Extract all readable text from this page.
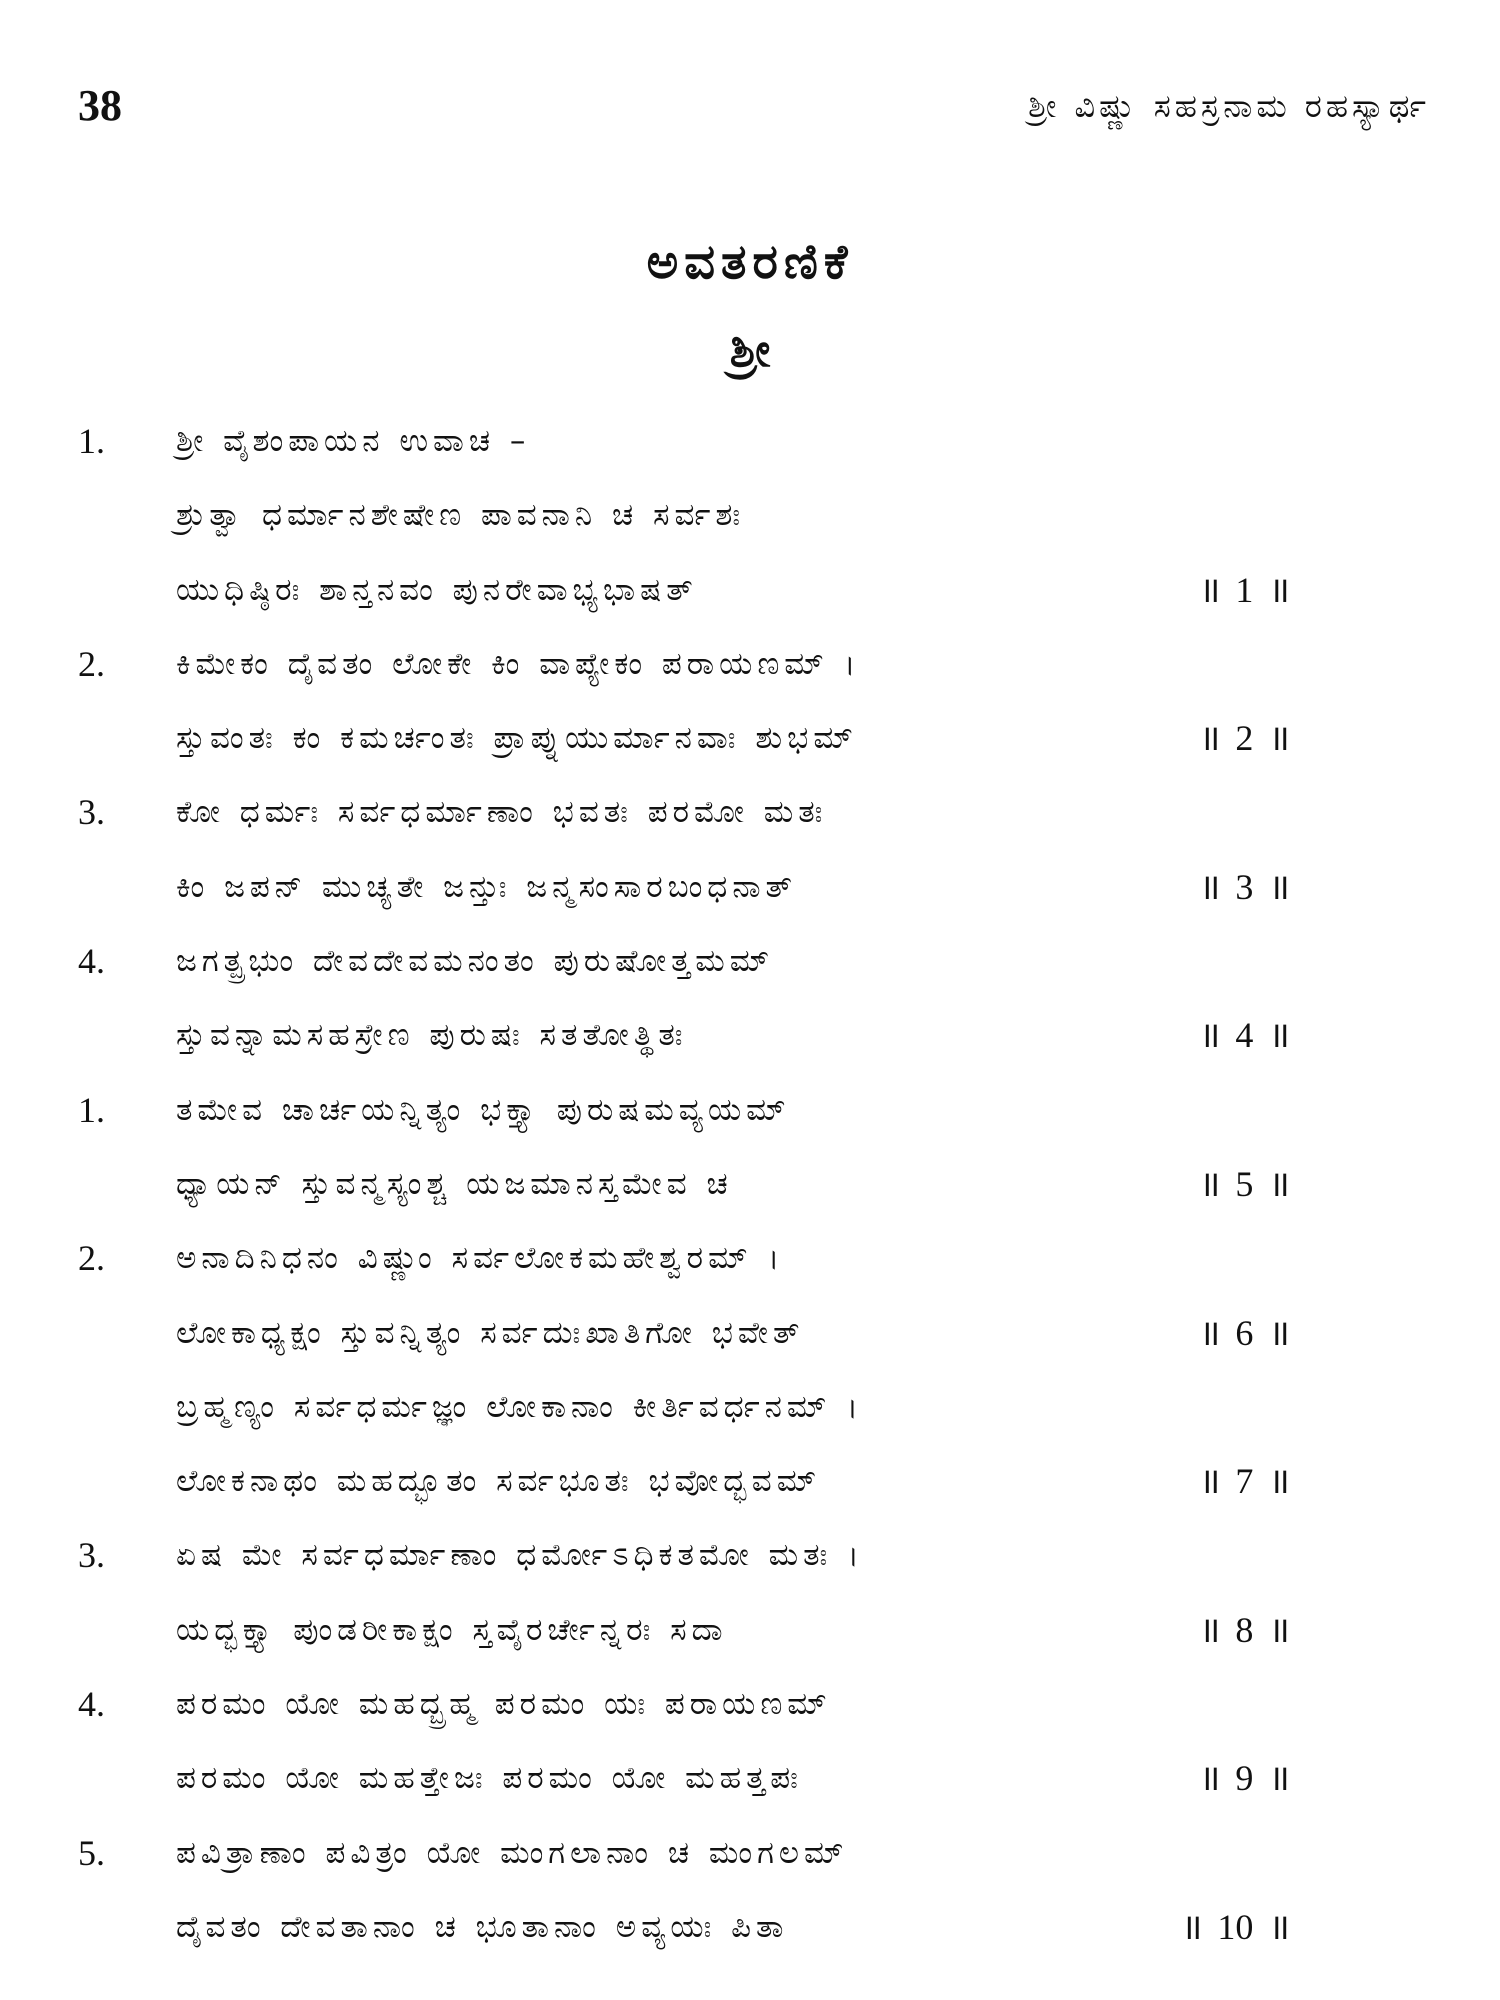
38	ಶ್ರೀ ವಿಷ್ಣು ಸಹಸ್ರನಾಮ ರಹಸ್ಯಾರ್ಥ
ಅವತರಣಿಕೆ
ಶ್ರೀ
1. ಶ್ರೀ ವೈಶಂಪಾಯನ ಉವಾಚ –
ಶ್ರುತ್ವಾ ಧರ್ಮಾನಶೇಷೇಣ ಪಾವನಾನಿ ಚ ಸರ್ವಶಃ
ಯುಧಿಷ್ಠಿರಃ ಶಾನ್ತನವಂ ಪುನರೇವಾಭ್ಯಭಾಷತ್	॥ 1 ॥
2. ಕಿಮೇಕಂ ದೈವತಂ ಲೋಕೇ ಕಿಂ ವಾಪ್ಯೇಕಂ ಪರಾಯಣಮ್ ।
ಸ್ತುವಂತಃ ಕಂ ಕಮರ್ಚಂತಃ ಪ್ರಾಪ್ನುಯುರ್ಮಾನವಾಃ ಶುಭಮ್	॥ 2 ॥
3. ಕೋ ಧರ್ಮಃ ಸರ್ವಧರ್ಮಾಣಾಂ ಭವತಃ ಪರಮೋ ಮತಃ
ಕಿಂ ಜಪನ್ ಮುಚ್ಯತೇ ಜನ್ತುಃ ಜನ್ಮಸಂಸಾರಬಂಧನಾತ್	॥ 3 ॥
4. ಜಗತ್ಪ್ರಭುಂ ದೇವದೇವಮನಂತಂ ಪುರುಷೋತ್ತಮಮ್
ಸ್ತುವನ್ನಾಮಸಹಸ್ರೇಣ ಪುರುಷಃ ಸತತೋತ್ಥಿತಃ	॥ 4 ॥
1. ತಮೇವ ಚಾರ್ಚಯನ್ನಿತ್ಯಂ ಭಕ್ತ್ಯಾ ಪುರುಷಮವ್ಯಯಮ್
ಧ್ಯಾಯನ್ ಸ್ತುವನ್ಮಸ್ಯಂಶ್ಚ ಯಜಮಾನಸ್ತಮೇವ ಚ	॥ 5 ॥
2. ಅನಾದಿನಿಧನಂ ವಿಷ್ಣುಂ ಸರ್ವಲೋಕಮಹೇಶ್ವರಮ್ ।
ಲೋಕಾಧ್ಯಕ್ಷಂ ಸ್ತುವನ್ನಿತ್ಯಂ ಸರ್ವದುಃಖಾತಿಗೋ ಭವೇತ್	॥ 6 ॥
ಬ್ರಹ್ಮಣ್ಯಂ ಸರ್ವಧರ್ಮಜ್ಞಂ ಲೋಕಾನಾಂ ಕೀರ್ತಿವರ್ಧನಮ್ ।
ಲೋಕನಾಥಂ ಮಹದ್ಭೂತಂ ಸರ್ವಭೂತಃ ಭವೋದ್ಭವಮ್	॥ 7 ॥
3. ಏಷ ಮೇ ಸರ್ವಧರ್ಮಾಣಾಂ ಧರ್ಮೋಽಧಿಕತಮೋ ಮತಃ ।
ಯದ್ಭಕ್ತ್ಯಾ ಪುಂಡರೀಕಾಕ್ಷಂ ಸ್ತವೈರರ್ಚೇನ್ನರಃ ಸದಾ	॥ 8 ॥
4. ಪರಮಂ ಯೋ ಮಹದ್ಬ್ರಹ್ಮ ಪರಮಂ ಯಃ ಪರಾಯಣಮ್
ಪರಮಂ ಯೋ ಮಹತ್ತೇಜಃ ಪರಮಂ ಯೋ ಮಹತ್ತಪಃ	॥ 9 ॥
5. ಪವಿತ್ರಾಣಾಂ ಪವಿತ್ರಂ ಯೋ ಮಂಗಲಾನಾಂ ಚ ಮಂಗಲಮ್
ದೈವತಂ ದೇವತಾನಾಂ ಚ ಭೂತಾನಾಂ ಅವ್ಯಯಃ ಪಿತಾ	॥ 10 ॥
